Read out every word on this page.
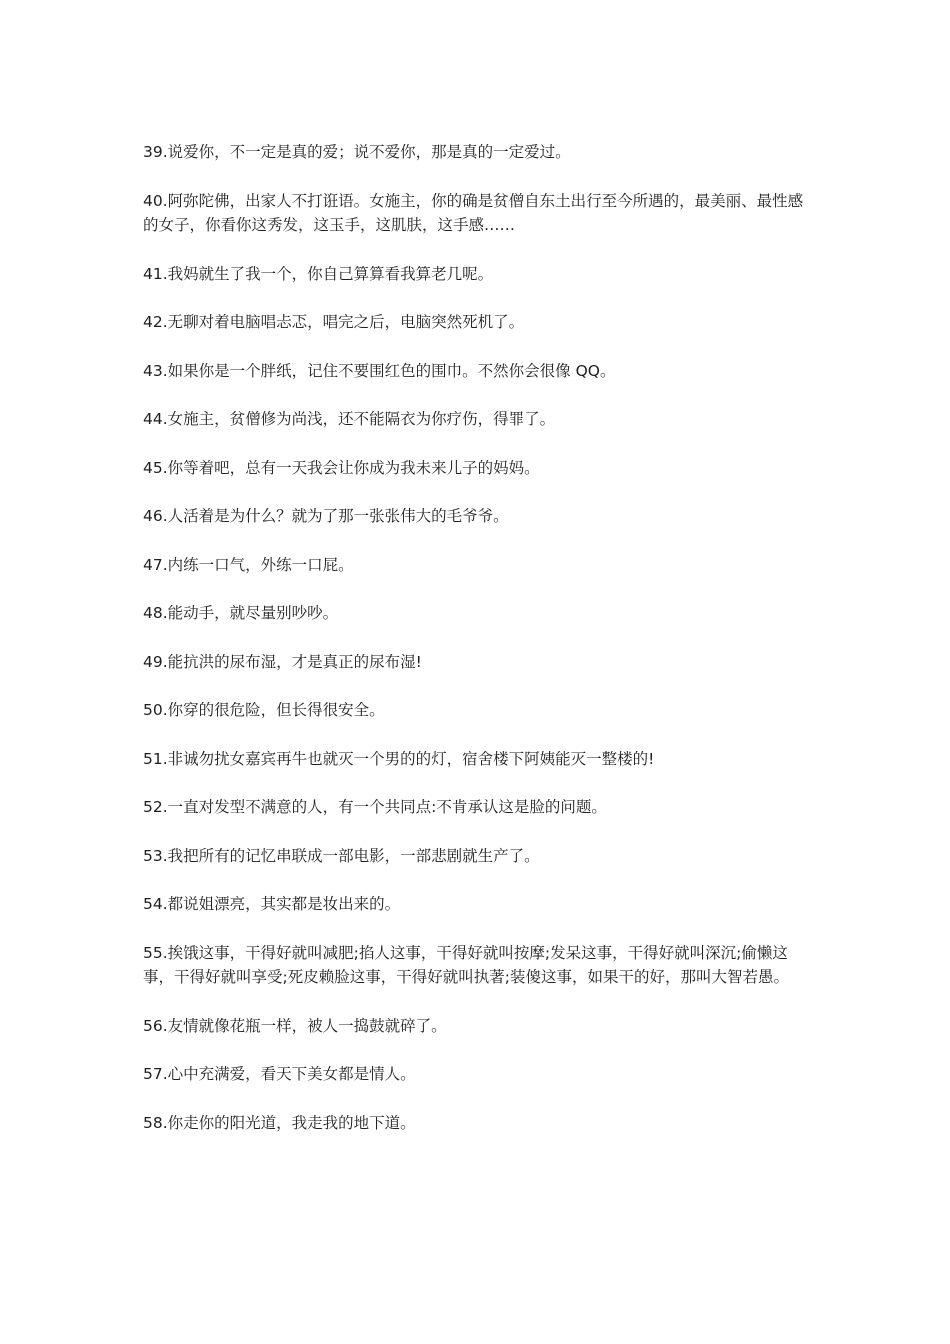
39.说爱你，不一定是真的爱；说不爱你，那是真的一定爱过。

40.阿弥陀佛，出家人不打诳语。女施主，你的确是贫僧自东土出行至今所遇的，最美丽、最性感的女子，你看你这秀发，这玉手，这肌肤，这手感……

41.我妈就生了我一个，你自己算算看我算老几呢。

42.无聊对着电脑唱忐忑，唱完之后，电脑突然死机了。

43.如果你是一个胖纸，记住不要围红色的围巾。不然你会很像 QQ。

44.女施主，贫僧修为尚浅，还不能隔衣为你疗伤，得罪了。

45.你等着吧，总有一天我会让你成为我未来儿子的妈妈。

46.人活着是为什么？就为了那一张张伟大的毛爷爷。

47.内练一口气，外练一口屁。

48.能动手，就尽量别吵吵。

49.能抗洪的尿布湿，才是真正的尿布湿!

50.你穿的很危险，但长得很安全。

51.非诚勿扰女嘉宾再牛也就灭一个男的的灯，宿舍楼下阿姨能灭一整楼的!

52.一直对发型不满意的人，有一个共同点:不肯承认这是脸的问题。

53.我把所有的记忆串联成一部电影，一部悲剧就生产了。

54.都说姐漂亮，其实都是妆出来的。

55.挨饿这事，干得好就叫减肥;掐人这事，干得好就叫按摩;发呆这事，干得好就叫深沉;偷懒这事，干得好就叫享受;死皮赖脸这事，干得好就叫执著;装傻这事，如果干的好，那叫大智若愚。

56.友情就像花瓶一样，被人一捣鼓就碎了。

57.心中充满爱，看天下美女都是情人。

58.你走你的阳光道，我走我的地下道。
